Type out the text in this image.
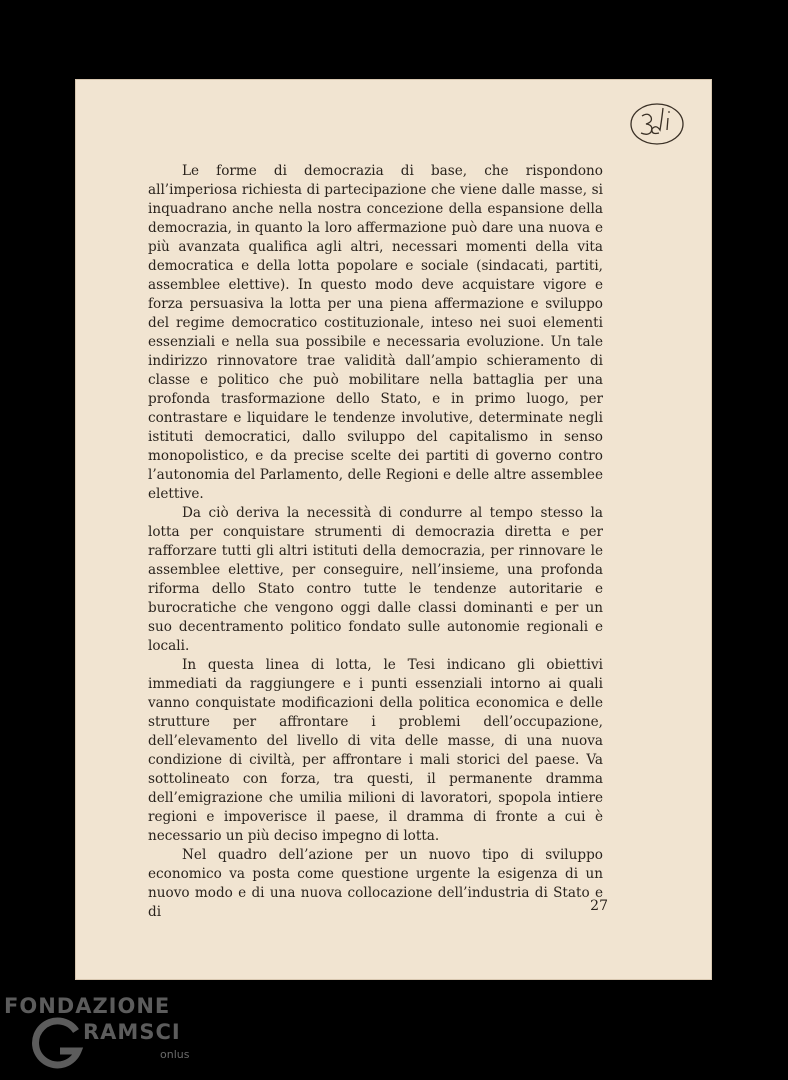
Le forme di democrazia di base, che rispondono all’imperiosa richiesta di partecipazione che viene dalle masse, si inquadrano anche nella nostra concezione della espansione della democrazia, in quanto la loro affermazione può dare una nuova e più avanzata qualifica agli altri, necessari momenti della vita democratica e della lotta popolare e sociale (sindacati, partiti, assemblee elettive). In questo modo deve acquistare vigore e forza persuasiva la lotta per una piena affermazione e sviluppo del regime democratico costituzionale, inteso nei suoi elementi essenziali e nella sua possibile e necessaria evoluzione. Un tale indirizzo rinnovatore trae validità dall’ampio schieramento di classe e politico che può mobilitare nella battaglia per una profonda trasformazione dello Stato, e in primo luogo, per contrastare e liquidare le tendenze involutive, determinate negli istituti democratici, dallo sviluppo del capitalismo in senso monopolistico, e da precise scelte dei partiti di governo contro l’autonomia del Parlamento, delle Regioni e delle altre assemblee elettive.

Da ciò deriva la necessità di condurre al tempo stesso la lotta per conquistare strumenti di democrazia diretta e per rafforzare tutti gli altri istituti della democrazia, per rinnovare le assemblee elettive, per conseguire, nell’insieme, una profonda riforma dello Stato contro tutte le tendenze autoritarie e burocratiche che vengono oggi dalle classi dominanti e per un suo decentramento politico fondato sulle autonomie regionali e locali.

In questa linea di lotta, le Tesi indicano gli obiettivi immediati da raggiungere e i punti essenziali intorno ai quali vanno conquistate modificazioni della politica economica e delle strutture per affrontare i problemi dell’occupazione, dell’elevamento del livello di vita delle masse, di una nuova condizione di civiltà, per affrontare i mali storici del paese. Va sottolineato con forza, tra questi, il permanente dramma dell’emigrazione che umilia milioni di lavoratori, spopola intiere regioni e impoverisce il paese, il dramma di fronte a cui è necessario un più deciso impegno di lotta.

Nel quadro dell’azione per un nuovo tipo di sviluppo economico va posta come questione urgente la esigenza di un nuovo modo e di una nuova collocazione dell’industria di Stato e di	27
FONDAZIONE
RAMSCI
onlus
